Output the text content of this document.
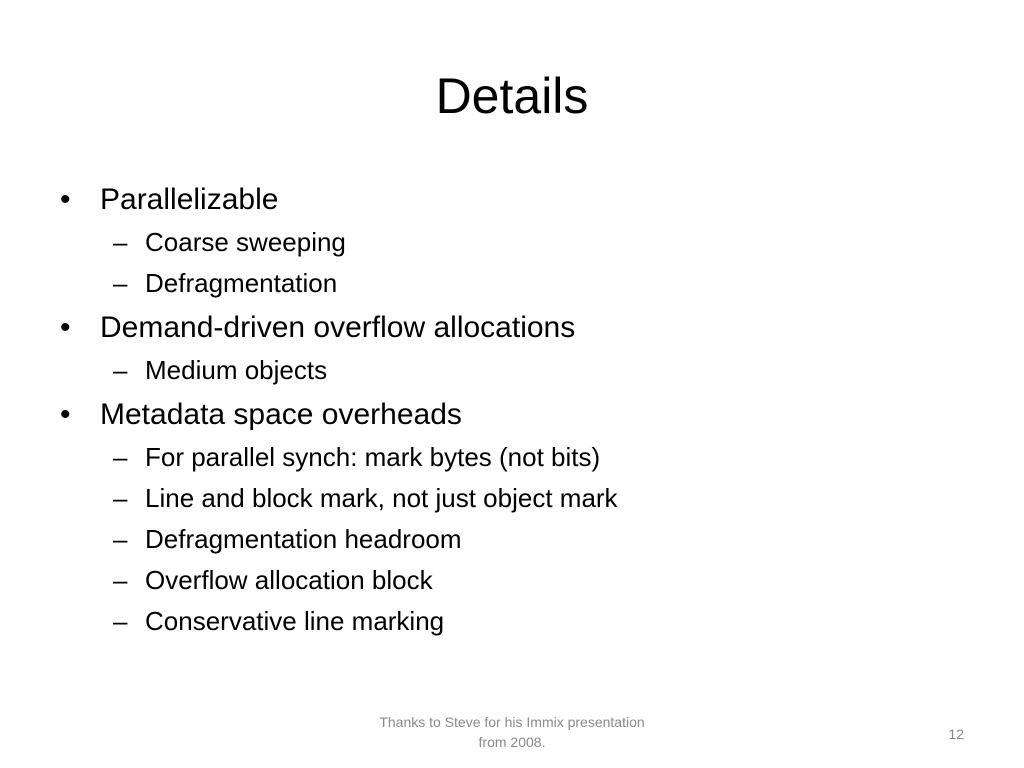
Details
• Parallelizable
– Coarse sweeping
– Defragmentation
• Demand-driven overflow allocations
– Medium objects
• Metadata space overheads
– For parallel synch: mark bytes (not bits)
– Line and block mark, not just object mark
– Defragmentation headroom
– Overflow allocation block
– Conservative line marking
Thanks to Steve for his Immix presentation
from 2008.	12
